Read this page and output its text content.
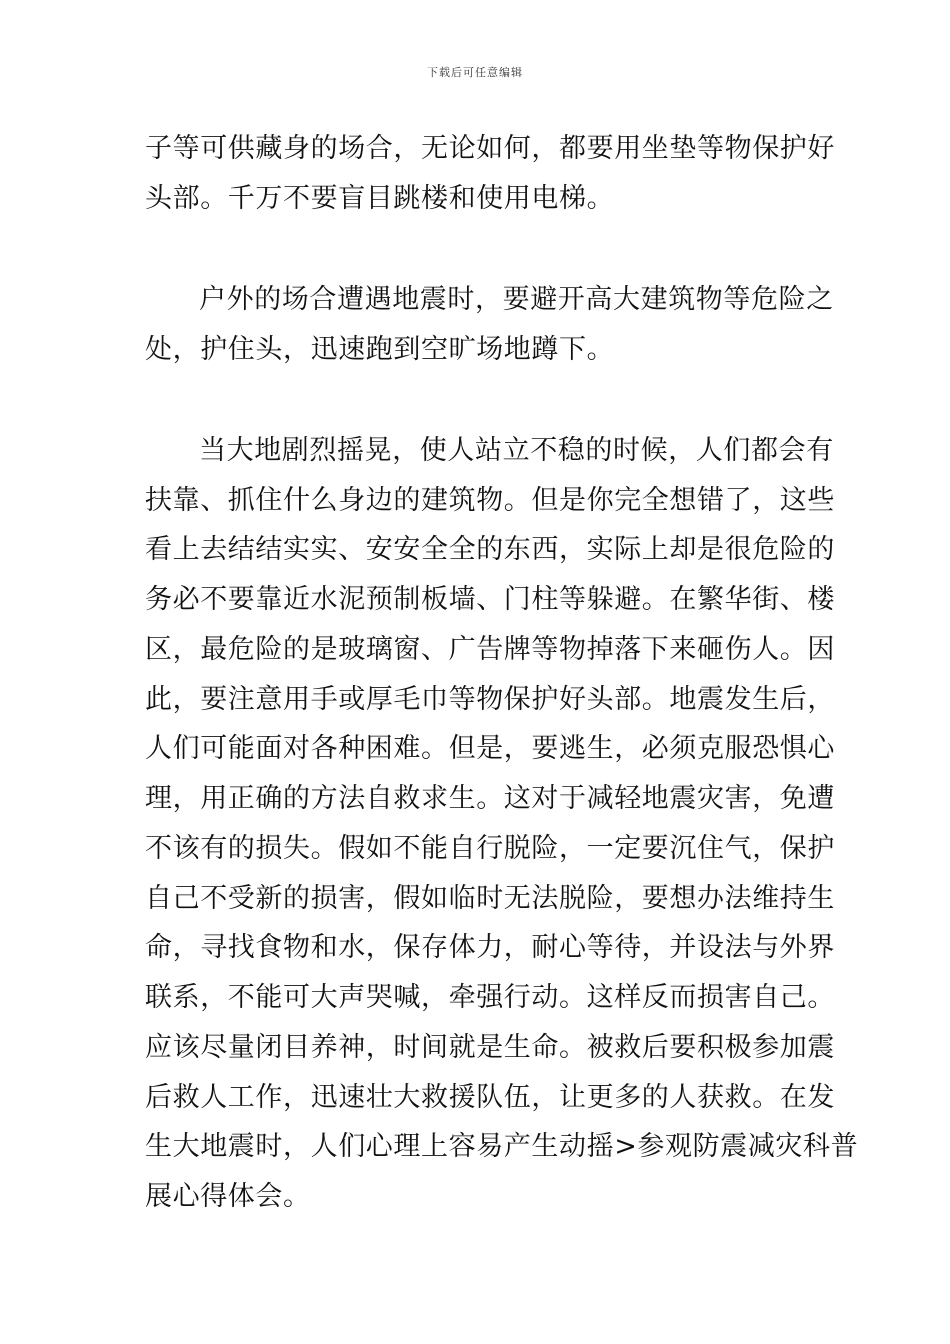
下载后可任意编辑
子等可供藏身的场合，无论如何，都要用坐垫等物保护好
头部。千万不要盲目跳楼和使用电梯。
户外的场合遭遇地震时，要避开高大建筑物等危险之
处，护住头，迅速跑到空旷场地蹲下。
当大地剧烈摇晃，使人站立不稳的时候，人们都会有
扶靠、抓住什么身边的建筑物。但是你完全想错了，这些
看上去结结实实、安安全全的东西，实际上却是很危险的
务必不要靠近水泥预制板墙、门柱等躲避。在繁华街、楼
区，最危险的是玻璃窗、广告牌等物掉落下来砸伤人。因
此，要注意用手或厚毛巾等物保护好头部。地震发生后，
人们可能面对各种困难。但是，要逃生，必须克服恐惧心
理，用正确的方法自救求生。这对于减轻地震灾害，免遭
不该有的损失。假如不能自行脱险，一定要沉住气，保护
自己不受新的损害，假如临时无法脱险，要想办法维持生
命，寻找食物和水，保存体力，耐心等待，并设法与外界
联系，不能可大声哭喊，牵强行动。这样反而损害自己。
应该尽量闭目养神，时间就是生命。被救后要积极参加震
后救人工作，迅速壮大救援队伍，让更多的人获救。在发
生大地震时，人们心理上容易产生动摇>参观防震减灾科普
展心得体会。
